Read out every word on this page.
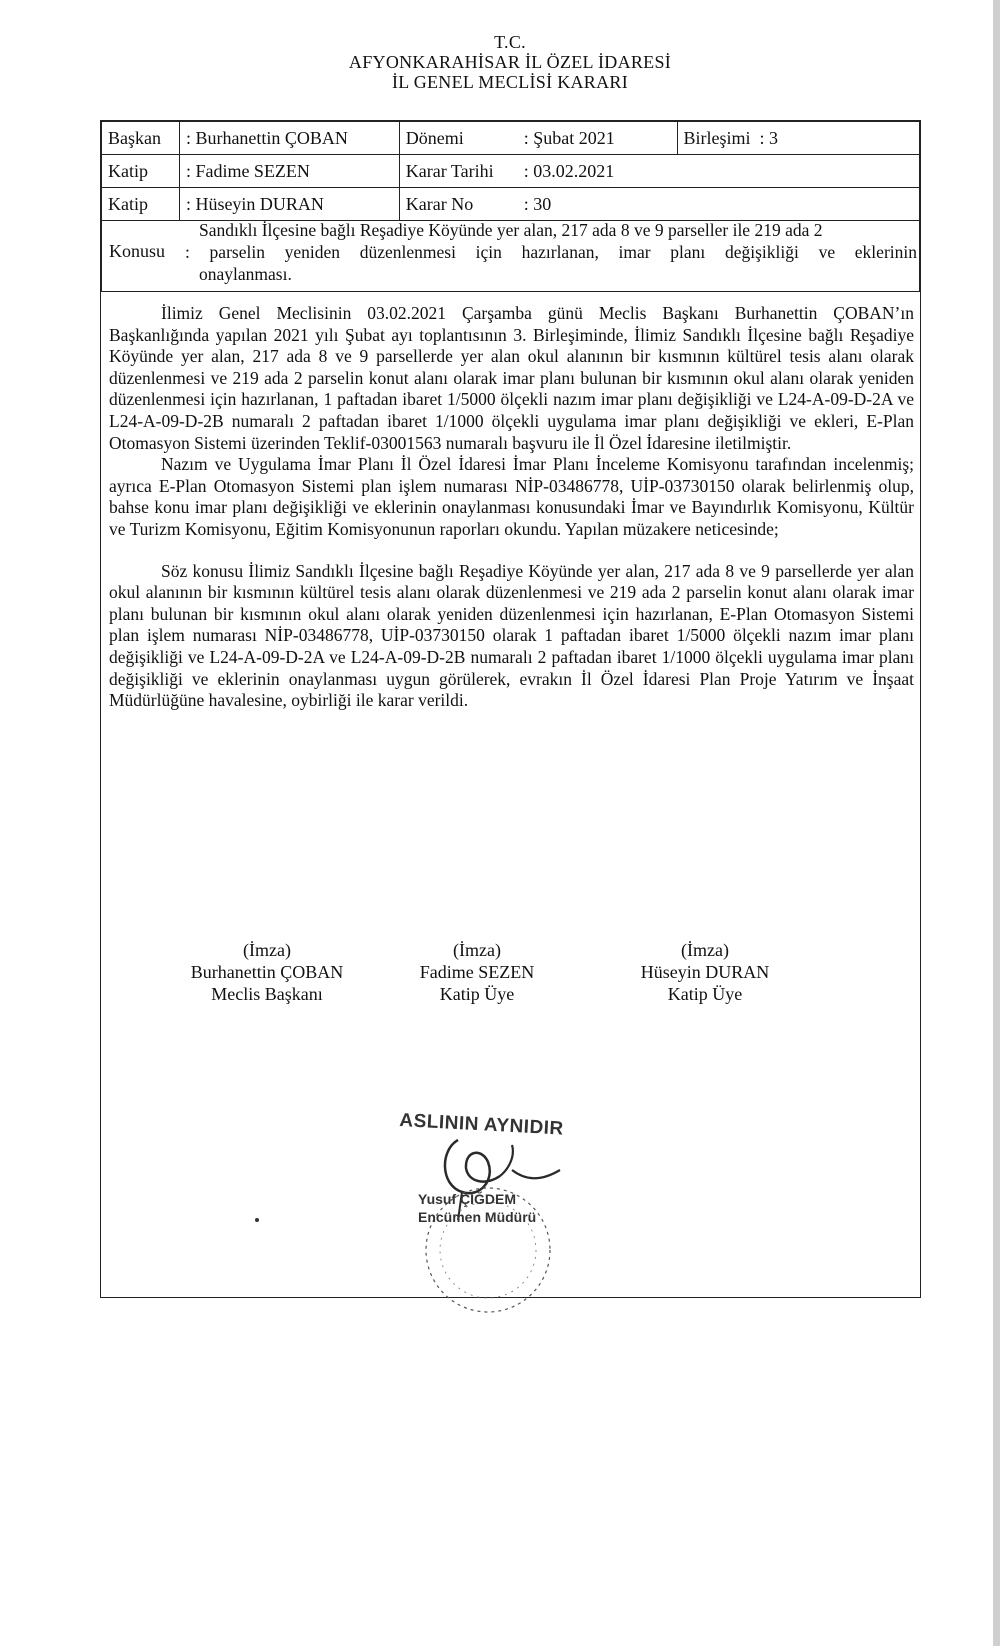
T.C.
AFYONKARAHİSAR İL ÖZEL İDARESİ
İL GENEL MECLİSİ KARARI
Başkan	: Burhanettin ÇOBAN	Dönemi : Şubat 2021	Birleşimi : 3
Katip	: Fadime SEZEN	Karar Tarihi : 03.02.2021	
Katip	: Hüseyin DURAN	Karar No : 30	

Konusu
Sandıklı İlçesine bağlı Reşadiye Köyünde yer alan, 217 ada 8 ve 9 parseller ile 219 ada 2
: parselin yeniden düzenlenmesi için hazırlanan, imar planı değişikliği ve eklerinin
onaylanması.

İlimiz Genel Meclisinin 03.02.2021 Çarşamba günü Meclis Başkanı Burhanettin ÇOBAN’ın Başkanlığında yapılan 2021 yılı Şubat ayı toplantısının 3. Birleşiminde, İlimiz Sandıklı İlçesine bağlı Reşadiye Köyünde yer alan, 217 ada 8 ve 9 parsellerde yer alan okul alanının bir kısmının kültürel tesis alanı olarak düzenlenmesi ve 219 ada 2 parselin konut alanı olarak imar planı bulunan bir kısmının okul alanı olarak yeniden düzenlenmesi için hazırlanan, 1 paftadan ibaret 1/5000 ölçekli nazım imar planı değişikliği ve L24-A-09-D-2A ve L24-A-09-D-2B numaralı 2 paftadan ibaret 1/1000 ölçekli uygulama imar planı değişikliği ve ekleri, E-Plan Otomasyon Sistemi üzerinden Teklif-03001563 numaralı başvuru ile İl Özel İdaresine iletilmiştir.

Nazım ve Uygulama İmar Planı İl Özel İdaresi İmar Planı İnceleme Komisyonu tarafından incelenmiş; ayrıca E-Plan Otomasyon Sistemi plan işlem numarası NİP-03486778, UİP-03730150 olarak belirlenmiş olup, bahse konu imar planı değişikliği ve eklerinin onaylanması konusundaki İmar ve Bayındırlık Komisyonu, Kültür ve Turizm Komisyonu, Eğitim Komisyonunun raporları okundu. Yapılan müzakere neticesinde;

Söz konusu İlimiz Sandıklı İlçesine bağlı Reşadiye Köyünde yer alan, 217 ada 8 ve 9 parsellerde yer alan okul alanının bir kısmının kültürel tesis alanı olarak düzenlenmesi ve 219 ada 2 parselin konut alanı olarak imar planı bulunan bir kısmının okul alanı olarak yeniden düzenlenmesi için hazırlanan, E-Plan Otomasyon Sistemi plan işlem numarası NİP-03486778, UİP-03730150 olarak 1 paftadan ibaret 1/5000 ölçekli nazım imar planı değişikliği ve L24-A-09-D-2A ve L24-A-09-D-2B numaralı 2 paftadan ibaret 1/1000 ölçekli uygulama imar planı değişikliği ve eklerinin onaylanması uygun görülerek, evrakın İl Özel İdaresi Plan Proje Yatırım ve İnşaat Müdürlüğüne havalesine, oybirliği ile karar verildi.

(İmza)
Burhanettin ÇOBAN
Meclis Başkanı
(İmza)
Fadime SEZEN
Katip Üye
(İmza)
Hüseyin DURAN
Katip Üye
ASLININ AYNIDIR
Yusuf ÇİĞDEM
Encümen Müdürü
